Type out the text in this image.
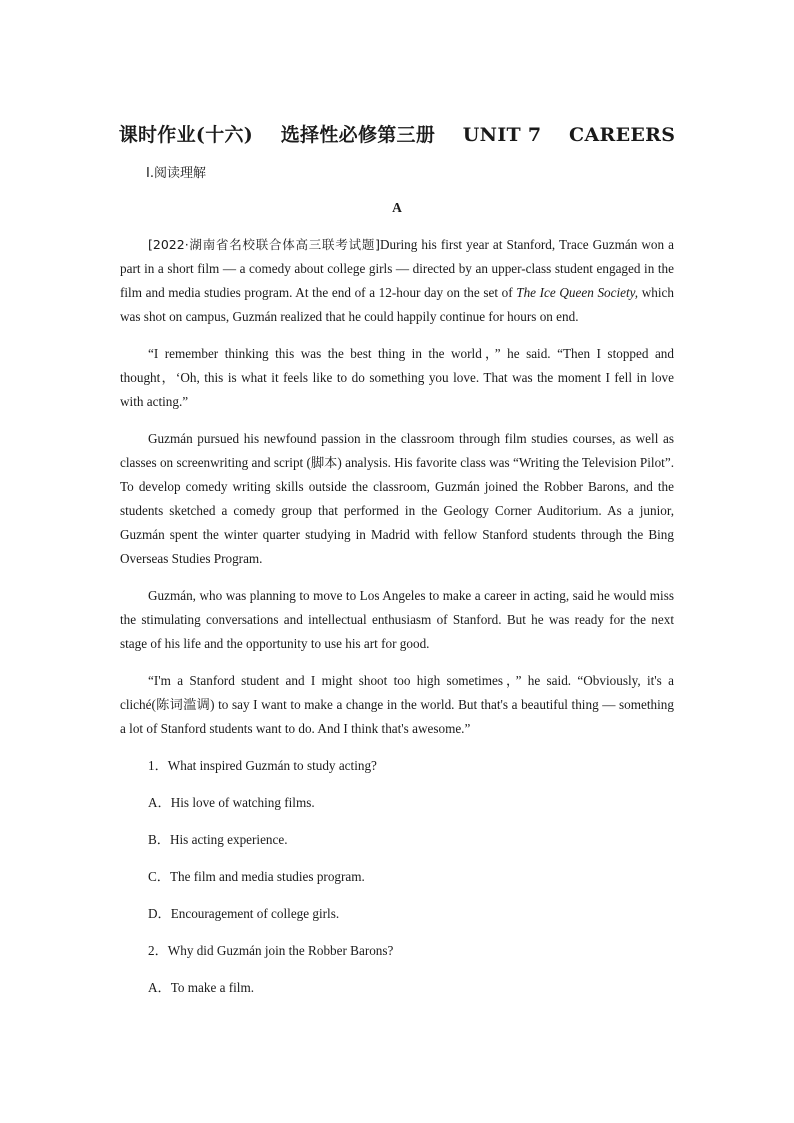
课时作业(十六)    选择性必修第三册    UNIT 7    CAREERS
Ⅰ.阅读理解
A

[2022·湖南省名校联合体高三联考试题]During his first year at Stanford, Trace Guzmán won a part in a short film — a comedy about college girls — directed by an upper-class student engaged in the film and media studies program. At the end of a 12-hour day on the set of The Ice Queen Society, which was shot on campus, Guzmán realized that he could happily continue for hours on end.

“I remember thinking this was the best thing in the world，” he said. “Then I stopped and thought，‘Oh, this is what it feels like to do something you love. That was the moment I fell in love with acting.”

Guzmán pursued his newfound passion in the classroom through film studies courses, as well as classes on screenwriting and script (脚本) analysis. His favorite class was “Writing the Television Pilot”. To develop comedy writing skills outside the classroom, Guzmán joined the Robber Barons, and the students sketched a comedy group that performed in the Geology Corner Auditorium. As a junior, Guzmán spent the winter quarter studying in Madrid with fellow Stanford students through the Bing Overseas Studies Program.

Guzmán, who was planning to move to Los Angeles to make a career in acting, said he would miss the stimulating conversations and intellectual enthusiasm of Stanford. But he was ready for the next stage of his life and the opportunity to use his art for good.

“I'm a Stanford student and I might shoot too high sometimes，” he said. “Obviously, it's a cliché(陈词滥调) to say I want to make a change in the world. But that's a beautiful thing — something a lot of Stanford students want to do. And I think that's awesome.”

1．What inspired Guzmán to study acting?

A．His love of watching films.

B．His acting experience.

C．The film and media studies program.

D．Encouragement of college girls.

2．Why did Guzmán join the Robber Barons?

A．To make a film.
